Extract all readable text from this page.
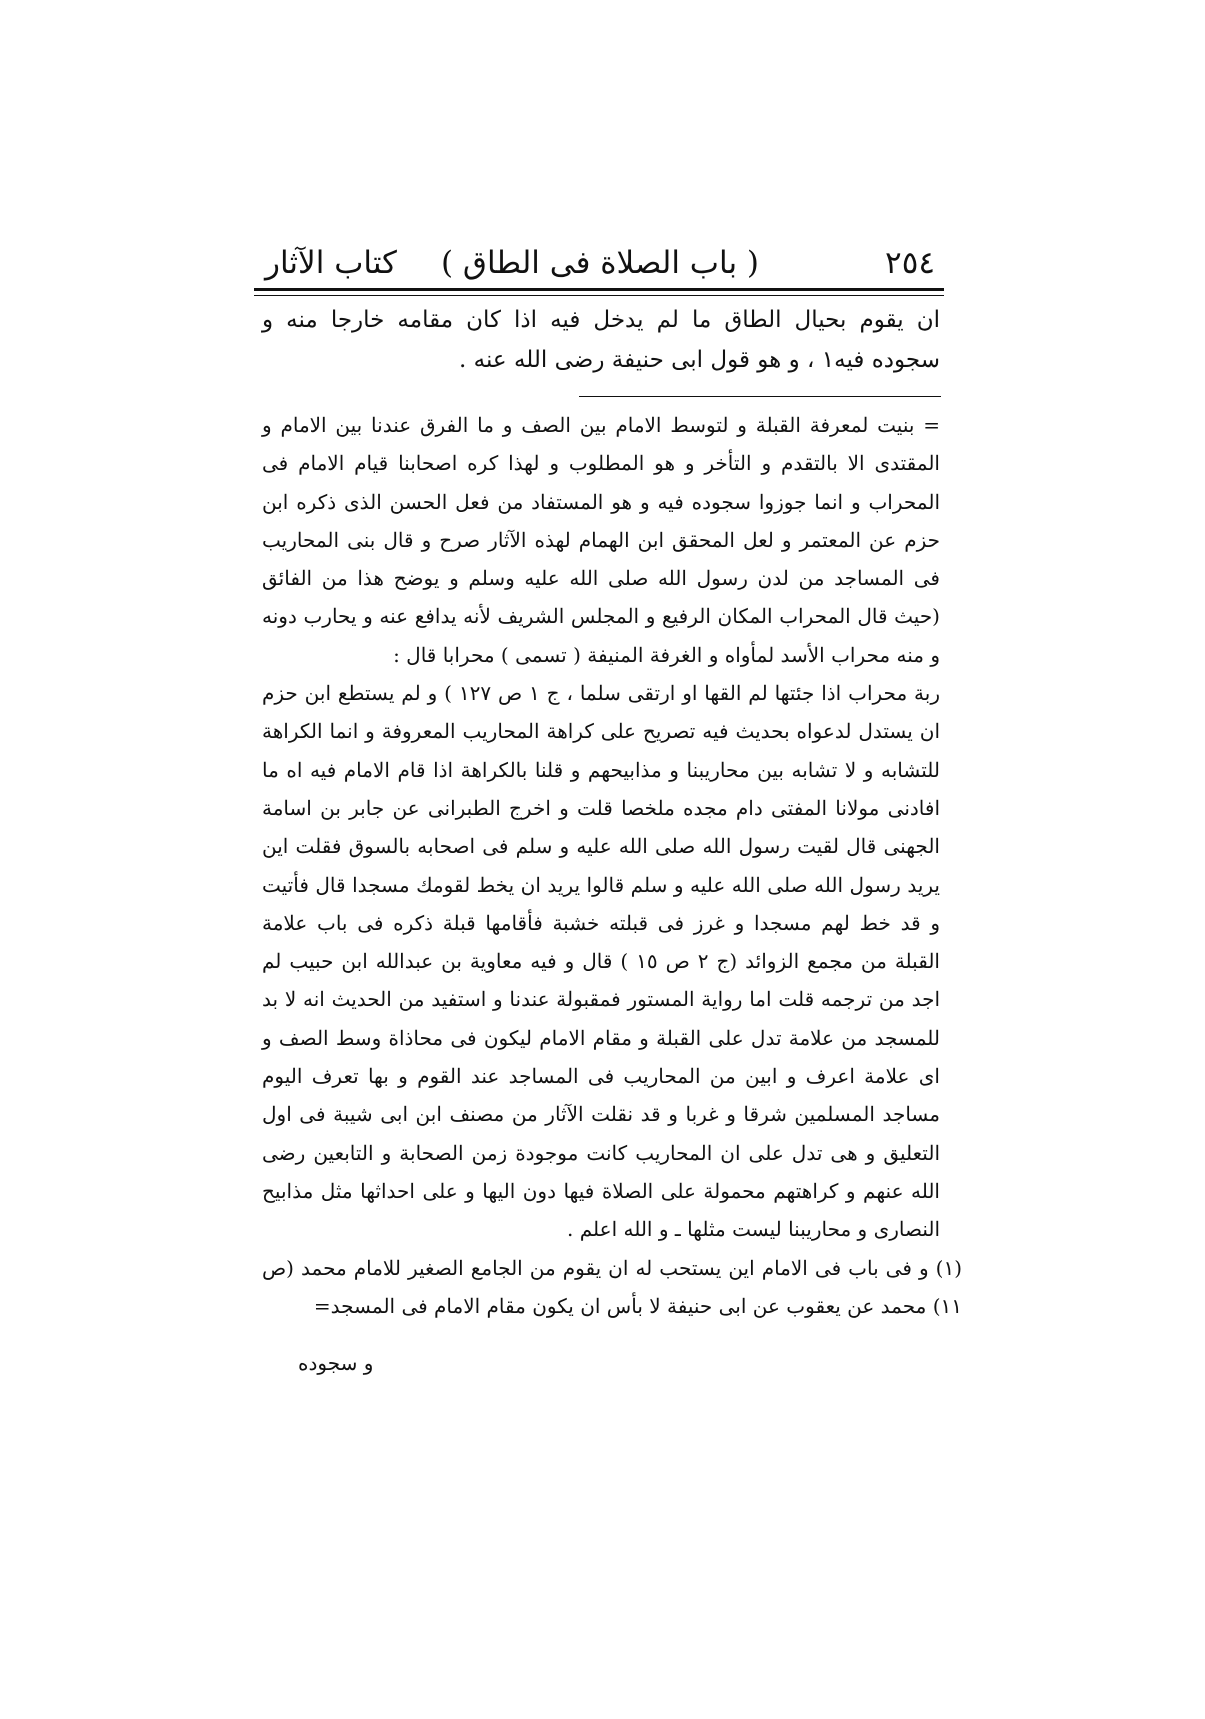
٢٥٤
( باب الصلاة فى الطاق )
كتاب الآثار

ان يقوم بحيال الطاق ما لم يدخل فيه اذا كان مقامه خارجا منه و سجوده فيه١ ، و هو قول ابى حنيفة رضى الله عنه .

= بنيت لمعرفة القبلة و لتوسط الامام بين الصف و ما الفرق عندنا بين الامام و المقتدى الا بالتقدم و التأخر و هو المطلوب و لهذا كره اصحابنا قيام الامام فى المحراب و انما جوزوا سجوده فيه و هو المستفاد من فعل الحسن الذى ذكره ابن حزم عن المعتمر و لعل المحقق ابن الهمام لهذه الآثار صرح و قال بنى المحاريب فى المساجد من لدن رسول الله صلى الله عليه وسلم و يوضح هذا من الفائق (حيث قال المحراب المكان الرفيع و المجلس الشريف لأنه يدافع عنه و يحارب دونه و منه محراب الأسد لمأواه و الغرفة المنيفة ( تسمى ) محرابا قال :

ربة محراب اذا جئتها لم القها او ارتقى سلما ، ج ١ ص ١٢٧ ) و لم يستطع ابن حزم ان يستدل لدعواه بحديث فيه تصريح على كراهة المحاريب المعروفة و انما الكراهة للتشابه و لا تشابه بين محاريبنا و مذابيحهم و قلنا بالكراهة اذا قام الامام فيه اه ما افادنى مولانا المفتى دام مجده ملخصا قلت و اخرج الطبرانى عن جابر بن اسامة الجهنى قال لقيت رسول الله صلى الله عليه و سلم فى اصحابه بالسوق فقلت اين يريد رسول الله صلى الله عليه و سلم قالوا يريد ان يخط لقومك مسجدا قال فأتيت و قد خط لهم مسجدا و غرز فى قبلته خشبة فأقامها قبلة ذكره فى باب علامة القبلة من مجمع الزوائد (ج ٢ ص ١٥ ) قال و فيه معاوية بن عبدالله ابن حبيب لم اجد من ترجمه قلت اما رواية المستور فمقبولة عندنا و استفيد من الحديث انه لا بد للمسجد من علامة تدل على القبلة و مقام الامام ليكون فى محاذاة وسط الصف و اى علامة اعرف و ابين من المحاريب فى المساجد عند القوم و بها تعرف اليوم مساجد المسلمين شرقا و غربا و قد نقلت الآثار من مصنف ابن ابى شيبة فى اول التعليق و هى تدل على ان المحاريب كانت موجودة زمن الصحابة و التابعين رضى الله عنهم و كراهتهم محمولة على الصلاة فيها دون اليها و على احداثها مثل مذابيح النصارى و محاريبنا ليست مثلها ـ و الله اعلم .

(١) و فى باب فى الامام اين يستحب له ان يقوم من الجامع الصغير للامام محمد (ص ١١) محمد عن يعقوب عن ابى حنيفة لا بأس ان يكون مقام الامام فى المسجد=

و سجوده
